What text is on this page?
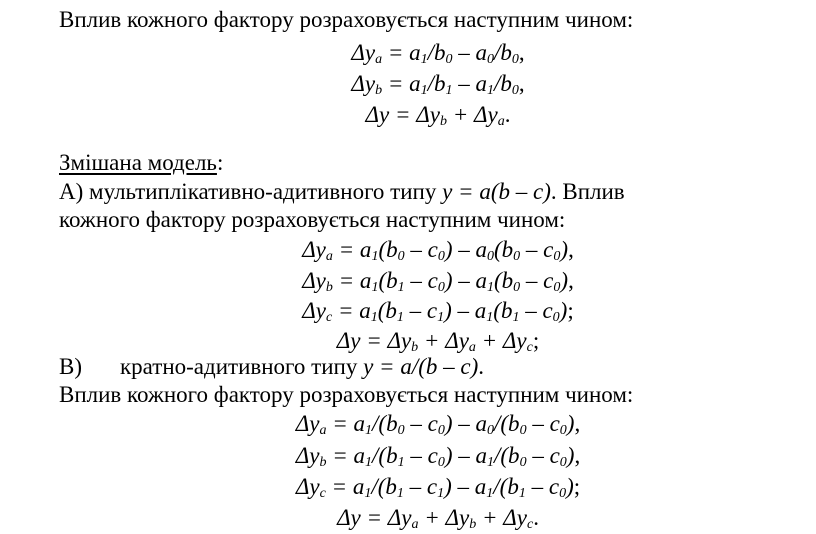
Вплив кожного фактору розраховується наступним чином:
$\Delta y_a = a_1/b_0 - a_0/b_0$,
$\Delta y_b = a_1/b_1 - a_1/b_0$,
$\Delta y = \Delta y_b + \Delta y_a$.
Змішана модель:
А) мультиплікативно-адитивного типу y = a(b – c). Вплив
кожного фактору розраховується наступним чином:
$\Delta y_a = a_1(b_0 - c_0) - a_0(b_0 - c_0)$,
$\Delta y_b = a_1(b_1 - c_0) - a_1(b_0 - c_0)$,
$\Delta y_c = a_1(b_1 - c_1) - a_1(b_1 - c_0)$;
$\Delta y = \Delta y_b + \Delta y_a + \Delta y_c$;
В) кратно-адитивного типу y = a/(b – c).
Вплив кожного фактору розраховується наступним чином:
$\Delta y_a = a_1/(b_0 - c_0) - a_0/(b_0 - c_0)$,
$\Delta y_b = a_1/(b_1 - c_0) - a_1/(b_0 - c_0)$,
$\Delta y_c = a_1/(b_1 - c_1) - a_1/(b_1 - c_0)$;
$\Delta y = \Delta y_a + \Delta y_b + \Delta y_c$.
